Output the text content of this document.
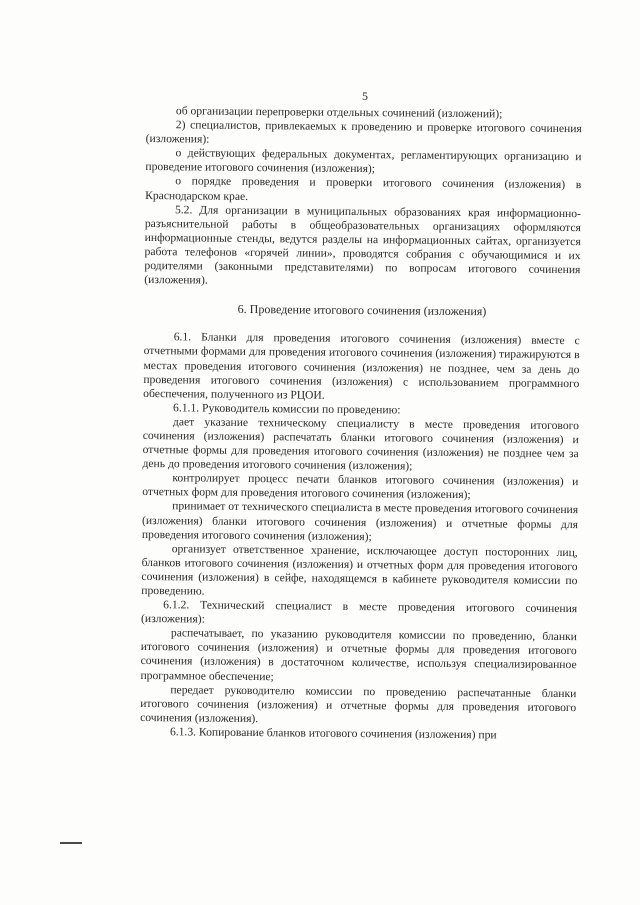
5

об организации перепроверки отдельных сочинений (изложений);

2) специалистов, привлекаемых к проведению и проверке итогового сочинения (изложения):

о действующих федеральных документах, регламентирующих организацию и проведение итогового сочинения (изложения);

о порядке проведения и проверки итогового сочинения (изложения) в Краснодарском крае.

5.2. Для организации в муниципальных образованиях края информационно-разъяснительной работы в общеобразовательных организациях оформляются информационные стенды, ведутся разделы на информационных сайтах, организуется работа телефонов «горячей линии», проводятся собрания с обучающимися и их родителями (законными представителями) по вопросам итогового сочинения (изложения).

6. Проведение итогового сочинения (изложения)

6.1. Бланки для проведения итогового сочинения (изложения) вместе с отчетными формами для проведения итогового сочинения (изложения) тиражируются в местах проведения итогового сочинения (изложения) не позднее, чем за день до проведения итогового сочинения (изложения) с использованием программного обеспечения, полученного из РЦОИ.

6.1.1. Руководитель комиссии по проведению:

дает указание техническому специалисту в месте проведения итогового сочинения (изложения) распечатать бланки итогового сочинения (изложения) и отчетные формы для проведения итогового сочинения (изложения) не позднее чем за день до проведения итогового сочинения (изложения);

контролирует процесс печати бланков итогового сочинения (изложения) и отчетных форм для проведения итогового сочинения (изложения);

принимает от технического специалиста в месте проведения итогового сочинения (изложения) бланки итогового сочинения (изложения) и отчетные формы для проведения итогового сочинения (изложения);

организует ответственное хранение, исключающее доступ посторонних лиц, бланков итогового сочинения (изложения) и отчетных форм для проведения итогового сочинения (изложения) в сейфе, находящемся в кабинете руководителя комиссии по проведению.

6.1.2. Технический специалист в месте проведения итогового сочинения (изложения):

распечатывает, по указанию руководителя комиссии по проведению, бланки итогового сочинения (изложения) и отчетные формы для проведения итогового сочинения (изложения) в достаточном количестве, используя специализированное программное обеспечение;

передает руководителю комиссии по проведению распечатанные бланки итогового сочинения (изложения) и отчетные формы для проведения итогового сочинения (изложения).

6.1.3. Копирование бланков итогового сочинения (изложения) при
